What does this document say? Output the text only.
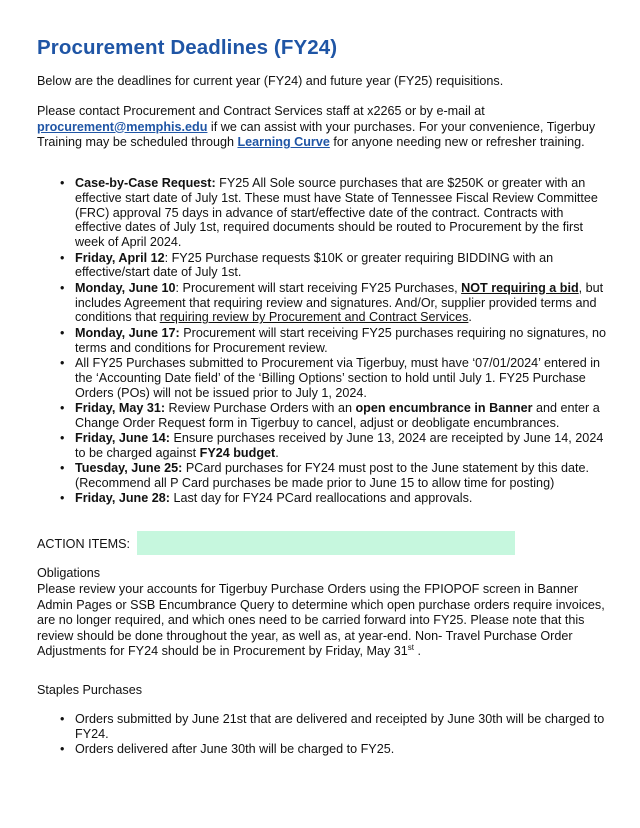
Procurement Deadlines (FY24)

Below are the deadlines for current year (FY24) and future year (FY25) requisitions.

Please contact Procurement and Contract Services staff at x2265 or by e-mail at procurement@memphis.edu if we can assist with your purchases. For your convenience, Tigerbuy Training may be scheduled through Learning Curve for anyone needing new or refresher training.

• Case-by-Case Request: FY25 All Sole source purchases that are $250K or greater with an effective start date of July 1st. These must have State of Tennessee Fiscal Review Committee (FRC) approval 75 days in advance of start/effective date of the contract. Contracts with effective dates of July 1st, required documents should be routed to Procurement by the first week of April 2024.
• Friday, April 12: FY25 Purchase requests $10K or greater requiring BIDDING with an effective/start date of July 1st.
• Monday, June 10: Procurement will start receiving FY25 Purchases, NOT requiring a bid, but includes Agreement that requiring review and signatures. And/Or, supplier provided terms and conditions that requiring review by Procurement and Contract Services.
• Monday, June 17: Procurement will start receiving FY25 purchases requiring no signatures, no terms and conditions for Procurement review.
• All FY25 Purchases submitted to Procurement via Tigerbuy, must have ‘07/01/2024’ entered in the ‘Accounting Date field’ of the ‘Billing Options’ section to hold until July 1. FY25 Purchase Orders (POs) will not be issued prior to July 1, 2024.
• Friday, May 31: Review Purchase Orders with an open encumbrance in Banner and enter a Change Order Request form in Tigerbuy to cancel, adjust or deobligate encumbrances.
• Friday, June 14: Ensure purchases received by June 13, 2024 are receipted by June 14, 2024 to be charged against FY24 budget.
• Tuesday, June 25: PCard purchases for FY24 must post to the June statement by this date. (Recommend all P Card purchases be made prior to June 15 to allow time for posting)
• Friday, June 28: Last day for FY24 PCard reallocations and approvals.
ACTION ITEMS:

Obligations

Please review your accounts for Tigerbuy Purchase Orders using the FPIOPOF screen in Banner Admin Pages or SSB Encumbrance Query to determine which open purchase orders require invoices, are no longer required, and which ones need to be carried forward into FY25. Please note that this review should be done throughout the year, as well as, at year-end. Non- Travel Purchase Order Adjustments for FY24 should be in Procurement by Friday, May 31st .

Staples Purchases

• Orders submitted by June 21st that are delivered and receipted by June 30th will be charged to FY24.
• Orders delivered after June 30th will be charged to FY25.
